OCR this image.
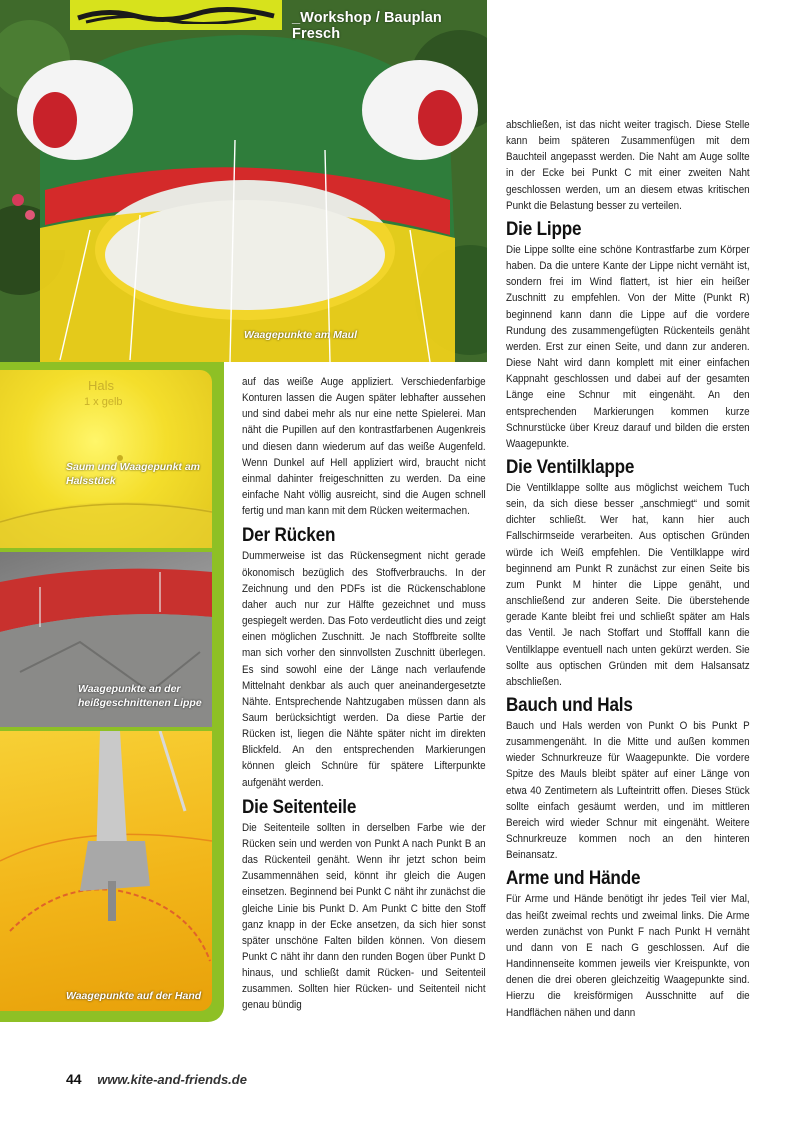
_Workshop / Bauplan Fresch
Waagepunkte am Maul
Hals
1 x gelb
Saum und Waagepunkt am Halsstück
Waagepunkte an der heißgeschnittenen Lippe
Waagepunkte auf der Hand

auf das weiße Auge appliziert. Verschiedenfarbige Konturen lassen die Augen später lebhafter aussehen und sind dabei mehr als nur eine nette Spielerei. Man näht die Pupillen auf den kontrastfarbenen Augenkreis und diesen dann wiederum auf das weiße Augenfeld. Wenn Dunkel auf Hell appliziert wird, braucht nicht einmal dahinter freigeschnitten zu werden. Da eine einfache Naht völlig ausreicht, sind die Augen schnell fertig und man kann mit dem Rücken weitermachen.

Der Rücken

Dummerweise ist das Rückensegment nicht gerade ökonomisch bezüglich des Stoffverbrauchs. In der Zeichnung und den PDFs ist die Rückenschablone daher auch nur zur Hälfte gezeichnet und muss gespiegelt werden. Das Foto verdeutlicht dies und zeigt einen möglichen Zuschnitt. Je nach Stoffbreite sollte man sich vorher den sinnvollsten Zuschnitt überlegen. Es sind sowohl eine der Länge nach verlaufende Mittelnaht denkbar als auch quer aneinandergesetzte Nähte. Entsprechende Nahtzugaben müssen dann als Saum berücksichtigt werden. Da diese Partie der Rücken ist, liegen die Nähte später nicht im direkten Blickfeld. An den entsprechenden Markierungen können gleich Schnüre für spätere Lifterpunkte aufgenäht werden.

Die Seitenteile

Die Seitenteile sollten in derselben Farbe wie der Rücken sein und werden von Punkt A nach Punkt B an das Rückenteil genäht. Wenn ihr jetzt schon beim Zusammennähen seid, könnt ihr gleich die Augen einsetzen. Beginnend bei Punkt C näht ihr zunächst die gleiche Linie bis Punkt D. Am Punkt C bitte den Stoff ganz knapp in der Ecke ansetzen, da sich hier sonst später unschöne Falten bilden können. Von diesem Punkt C näht ihr dann den runden Bogen über Punkt D hinaus, und schließt damit Rücken- und Seitenteil zusammen. Sollten hier Rücken- und Seitenteil nicht genau bündig

abschließen, ist das nicht weiter tragisch. Diese Stelle kann beim späteren Zusammenfügen mit dem Bauchteil angepasst werden. Die Naht am Auge sollte in der Ecke bei Punkt C mit einer zweiten Naht geschlossen werden, um an diesem etwas kritischen Punkt die Belastung besser zu verteilen.

Die Lippe

Die Lippe sollte eine schöne Kontrastfarbe zum Körper haben. Da die untere Kante der Lippe nicht vernäht ist, sondern frei im Wind flattert, ist hier ein heißer Zuschnitt zu empfehlen. Von der Mitte (Punkt R) beginnend kann dann die Lippe auf die vordere Rundung des zusammengefügten Rückenteils genäht werden. Erst zur einen Seite, und dann zur anderen. Diese Naht wird dann komplett mit einer einfachen Kappnaht geschlossen und dabei auf der gesamten Länge eine Schnur mit eingenäht. An den entsprechenden Markierungen kommen kurze Schnurstücke über Kreuz darauf und bilden die ersten Waagepunkte.

Die Ventilklappe

Die Ventilklappe sollte aus möglichst weichem Tuch sein, da sich diese besser „anschmiegt“ und somit dichter schließt. Wer hat, kann hier auch Fallschirmseide verarbeiten. Aus optischen Gründen würde ich Weiß empfehlen. Die Ventilklappe wird beginnend am Punkt R zunächst zur einen Seite bis zum Punkt M hinter die Lippe genäht, und anschließend zur anderen Seite. Die überstehende gerade Kante bleibt frei und schließt später am Hals das Ventil. Je nach Stoffart und Stofffall kann die Ventilklappe eventuell nach unten gekürzt werden. Sie sollte aus optischen Gründen mit dem Halsansatz abschließen.

Bauch und Hals

Bauch und Hals werden von Punkt O bis Punkt P zusammengenäht. In die Mitte und außen kommen wieder Schnurkreuze für Waagepunkte. Die vordere Spitze des Mauls bleibt später auf einer Länge von etwa 40 Zentimetern als Lufteintritt offen. Dieses Stück sollte einfach gesäumt werden, und im mittleren Bereich wird wieder Schnur mit eingenäht. Weitere Schnurkreuze kommen noch an den hinteren Beinansatz.

Arme und Hände

Für Arme und Hände benötigt ihr jedes Teil vier Mal, das heißt zweimal rechts und zweimal links. Die Arme werden zunächst von Punkt F nach Punkt H vernäht und dann von E nach G geschlossen. Auf die Handinnenseite kommen jeweils vier Kreispunkte, von denen die drei oberen gleichzeitig Waagepunkte sind. Hierzu die kreisförmigen Ausschnitte auf die Handflächen nähen und dann

44 www.kite-and-friends.de
